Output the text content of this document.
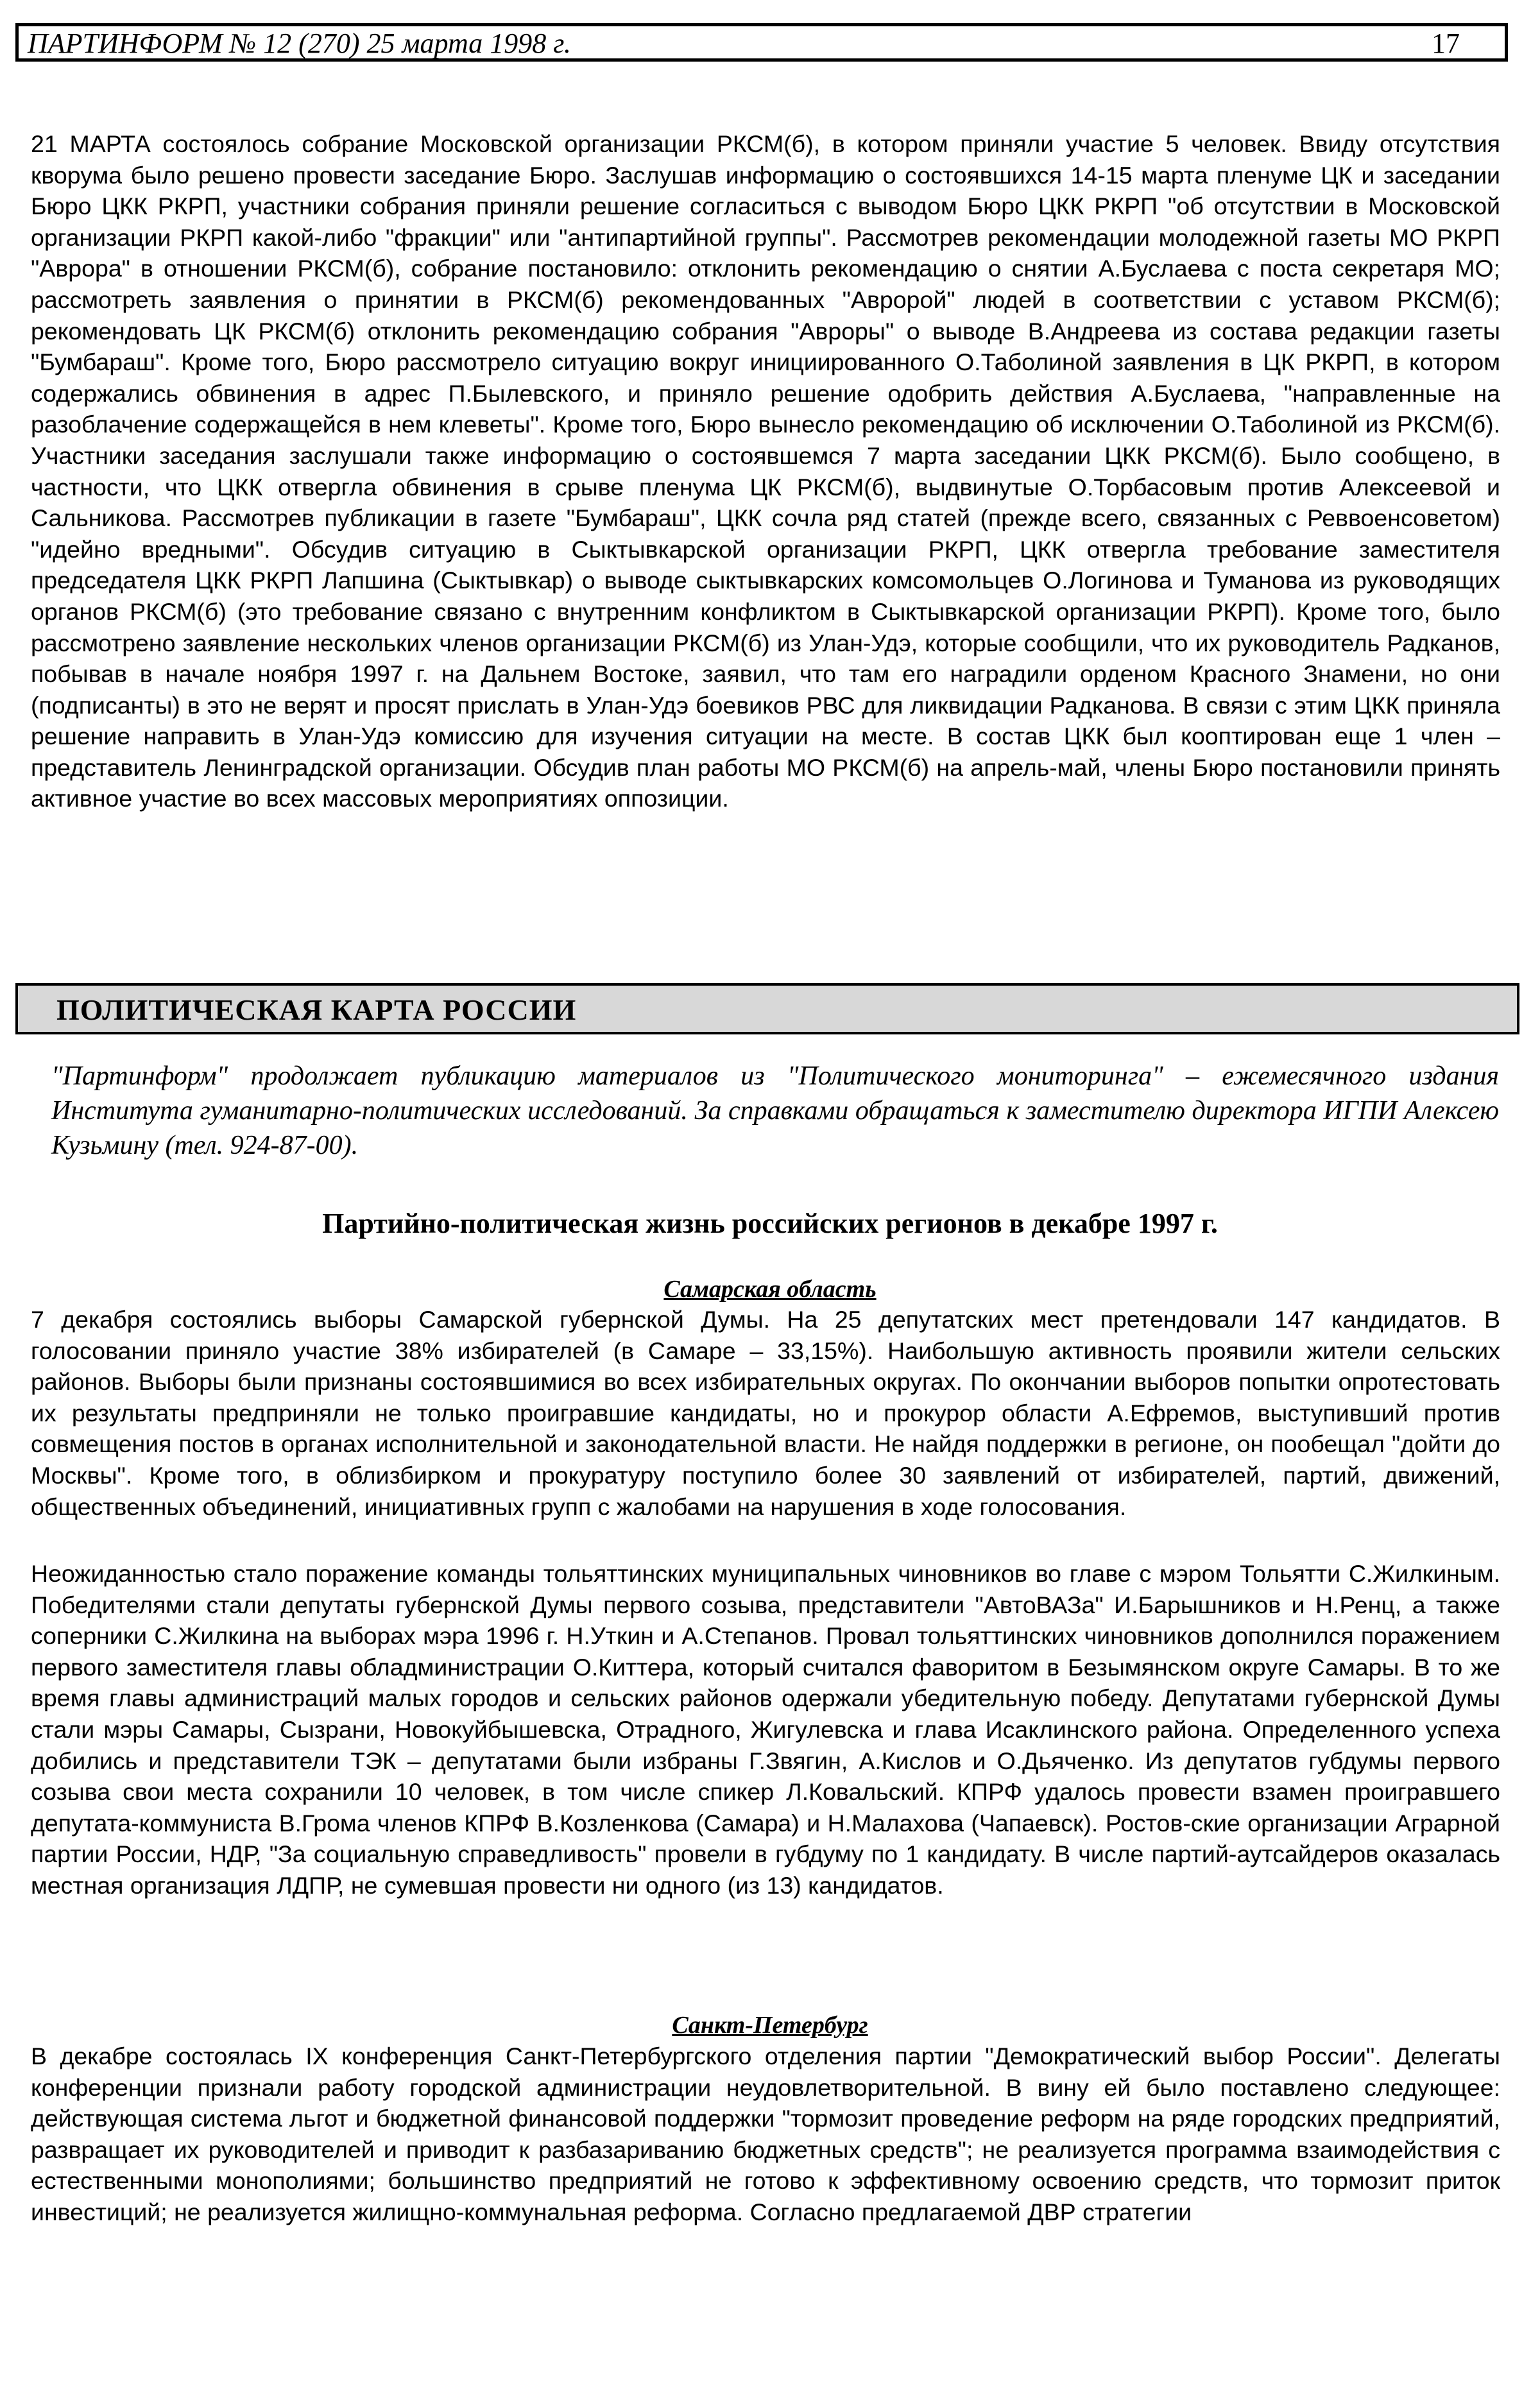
ПАРТИНФОРМ № 12 (270) 25 марта 1998 г.	17

21 МАРТА состоялось собрание Московской организации РКСМ(б), в котором приняли участие 5 человек. Ввиду отсутствия кворума было решено провести заседание Бюро. Заслушав информацию о состоявшихся 14-15 марта пленуме ЦК и заседании Бюро ЦКК РКРП, участники собрания приняли решение согласиться с выводом Бюро ЦКК РКРП "об отсутствии в Московской организации РКРП какой-либо "фракции" или "антипартийной группы". Рассмотрев рекомендации молодежной газеты МО РКРП "Аврора" в отношении РКСМ(б), собрание постановило: отклонить рекомендацию о снятии А.Буслаева с поста секретаря МО; рассмотреть заявления о принятии в РКСМ(б) рекомендованных "Авророй" людей в соответствии с уставом РКСМ(б); рекомендовать ЦК РКСМ(б) отклонить рекомендацию собрания "Авроры" о выводе В.Андреева из состава редакции газеты "Бумбараш". Кроме того, Бюро рассмотрело ситуацию вокруг инициированного О.Таболиной заявления в ЦК РКРП, в котором содержались обвинения в адрес П.Былевского, и приняло решение одобрить действия А.Буслаева, "направленные на разоблачение содержащейся в нем клеветы". Кроме того, Бюро вынесло рекомендацию об исключении О.Таболиной из РКСМ(б). Участники заседания заслушали также информацию о состоявшемся 7 марта заседании ЦКК РКСМ(б). Было сообщено, в частности, что ЦКК отвергла обвинения в срыве пленума ЦК РКСМ(б), выдвинутые О.Торбасовым против Алексеевой и Сальникова. Рассмотрев публикации в газете "Бумбараш", ЦКК сочла ряд статей (прежде всего, связанных с Реввоенсоветом) "идейно вредными". Обсудив ситуацию в Сыктывкарской организации РКРП, ЦКК отвергла требование заместителя председателя ЦКК РКРП Лапшина (Сыктывкар) о выводе сыктывкарских комсомольцев О.Логинова и Туманова из руководящих органов РКСМ(б) (это требование связано с внутренним конфликтом в Сыктывкарской организации РКРП). Кроме того, было рассмотрено заявление нескольких членов организации РКСМ(б) из Улан-Удэ, которые сообщили, что их руководитель Радканов, побывав в начале ноября 1997 г. на Дальнем Востоке, заявил, что там его наградили орденом Красного Знамени, но они (подписанты) в это не верят и просят прислать в Улан-Удэ боевиков РВС для ликвидации Радканова. В связи с этим ЦКК приняла решение направить в Улан-Удэ комиссию для изучения ситуации на месте. В состав ЦКК был кооптирован еще 1 член – представитель Ленинградской организации. Обсудив план работы МО РКСМ(б) на апрель-май, члены Бюро постановили принять активное участие во всех массовых мероприятиях оппозиции.

ПОЛИТИЧЕСКАЯ КАРТА РОССИИ

"Партинформ" продолжает публикацию материалов из "Политического мониторинга" – ежемесячного издания Института гуманитарно-политических исследований. За справками обращаться к заместителю директора ИГПИ Алексею Кузьмину (тел. 924-87-00).

Партийно-политическая жизнь российских регионов в декабре 1997 г.
Самарская область

7 декабря состоялись выборы Самарской губернской Думы. На 25 депутатских мест претендовали 147 кандидатов. В голосовании приняло участие 38% избирателей (в Самаре – 33,15%). Наибольшую активность проявили жители сельских районов. Выборы были признаны состоявшимися во всех избирательных округах. По окончании выборов попытки опротестовать их результаты предприняли не только проигравшие кандидаты, но и прокурор области А.Ефремов, выступивший против совмещения постов в органах исполнительной и законодательной власти. Не найдя поддержки в регионе, он пообещал "дойти до Москвы". Кроме того, в облизбирком и прокуратуру поступило более 30 заявлений от избирателей, партий, движений, общественных объединений, инициативных групп с жалобами на нарушения в ходе голосования.

Неожиданностью стало поражение команды тольяттинских муниципальных чиновников во главе с мэром Тольятти С.Жилкиным. Победителями стали депутаты губернской Думы первого созыва, представители "АвтоВАЗа" И.Барышников и Н.Ренц, а также соперники С.Жилкина на выборах мэра 1996 г. Н.Уткин и А.Степанов. Провал тольяттинских чиновников дополнился поражением первого заместителя главы обладминистрации О.Киттера, который считался фаворитом в Безымянском округе Самары. В то же время главы администраций малых городов и сельских районов одержали убедительную победу. Депутатами губернской Думы стали мэры Самары, Сызрани, Новокуйбышевска, Отрадного, Жигулевска и глава Исаклинского района. Определенного успеха добились и представители ТЭК – депутатами были избраны Г.Звягин, А.Кислов и О.Дьяченко. Из депутатов губдумы первого созыва свои места сохранили 10 человек, в том числе спикер Л.Ковальский. КПРФ удалось провести взамен проигравшего депутата-коммуниста В.Грома членов КПРФ В.Козленкова (Самара) и Н.Малахова (Чапаевск). Ростов-ские организации Аграрной партии России, НДР, "За социальную справедливость" провели в губдуму по 1 кандидату. В числе партий-аутсайдеров оказалась местная организация ЛДПР, не сумевшая провести ни одного (из 13) кандидатов.

Санкт-Петербург

В декабре состоялась IX конференция Санкт-Петербургского отделения партии "Демократический выбор России". Делегаты конференции признали работу городской администрации неудовлетворительной. В вину ей было поставлено следующее: действующая система льгот и бюджетной финансовой поддержки "тормозит проведение реформ на ряде городских предприятий, развращает их руководителей и приводит к разбазариванию бюджетных средств"; не реализуется программа взаимодействия с естественными монополиями; большинство предприятий не готово к эффективному освоению средств, что тормозит приток инвестиций; не реализуется жилищно-коммунальная реформа. Согласно предлагаемой ДВР стратегии
